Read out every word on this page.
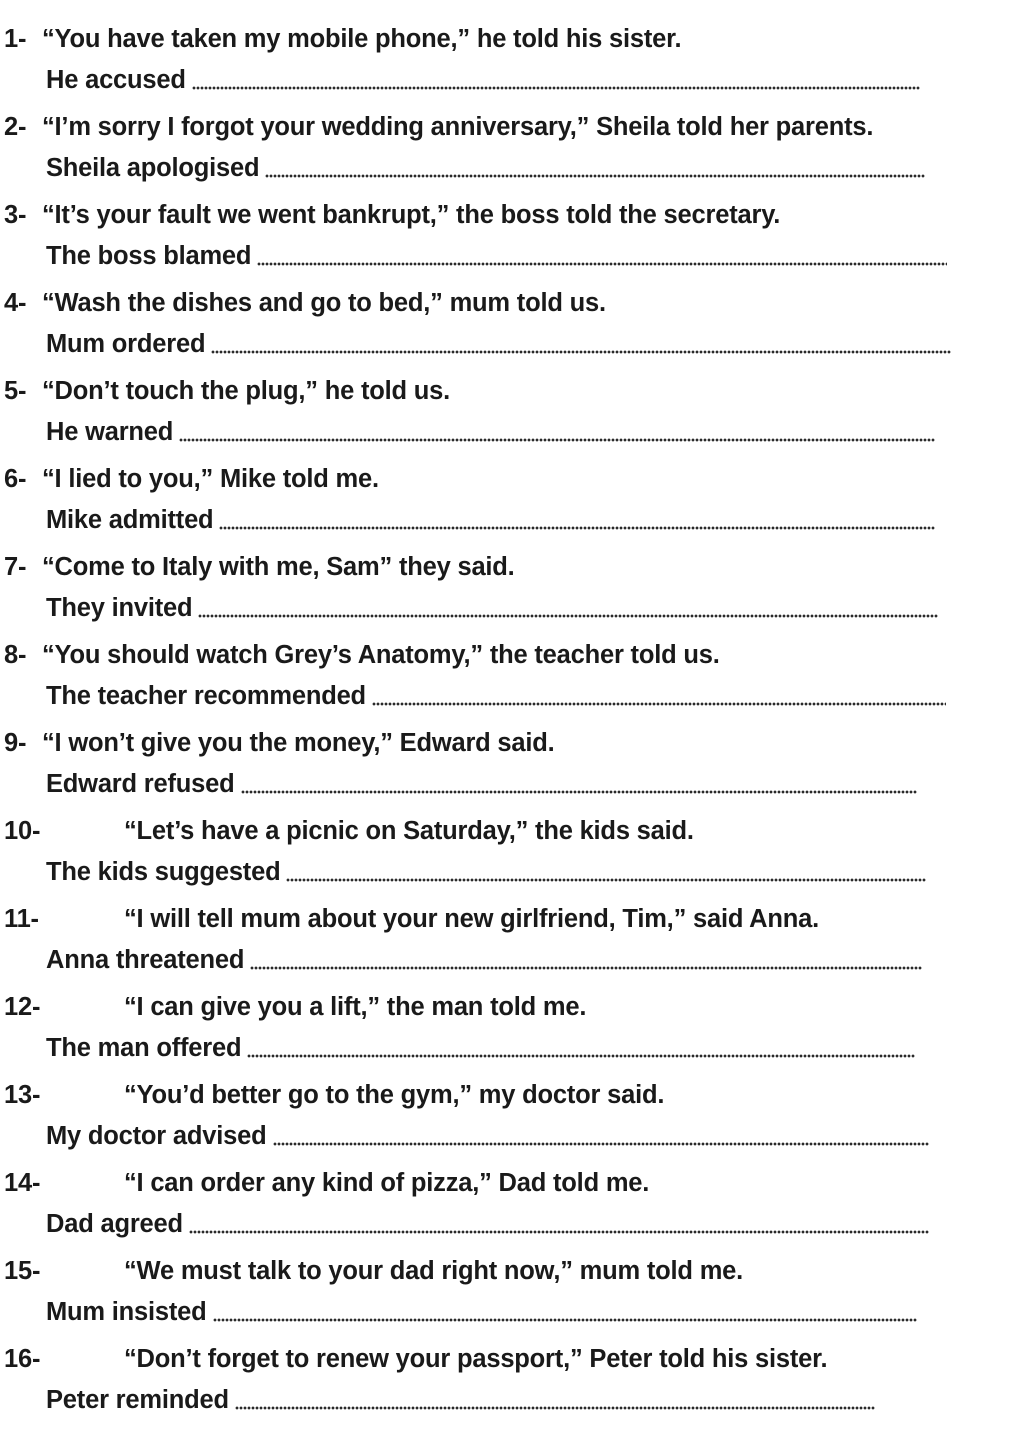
1- “You have taken my mobile phone,” he told his sister.
He accused
2- “I’m sorry I forgot your wedding anniversary,” Sheila told her parents.
Sheila apologised
3- “It’s your fault we went bankrupt,” the boss told the secretary.
The boss blamed
4- “Wash the dishes and go to bed,” mum told us.
Mum ordered
5- “Don’t touch the plug,” he told us.
He warned
6- “I lied to you,” Mike told me.
Mike admitted
7- “Come to Italy with me, Sam” they said.
They invited
8- “You should watch Grey’s Anatomy,” the teacher told us.
The teacher recommended
9- “I won’t give you the money,” Edward said.
Edward refused
10-	“Let’s have a picnic on Saturday,” the kids said.
The kids suggested
11-	“I will tell mum about your new girlfriend, Tim,” said Anna.
Anna threatened
12-	“I can give you a lift,” the man told me.
The man offered
13-	“You’d better go to the gym,” my doctor said.
My doctor advised
14-	“I can order any kind of pizza,” Dad told me.
Dad agreed
15-	“We must talk to your dad right now,” mum told me.
Mum insisted
16-	“Don’t forget to renew your passport,” Peter told his sister.
Peter reminded
